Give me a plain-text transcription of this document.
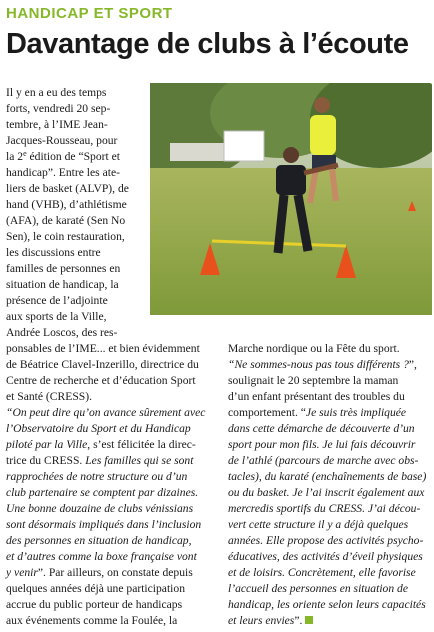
HANDICAP ET SPORT
Davantage de clubs à l’écoute
Il y en a eu des temps
forts, vendredi 20 sep-
tembre, à l’IME Jean-
Jacques-Rousseau, pour
la 2e édition de “Sport et
handicap”. Entre les ate-
liers de basket (ALVP), de
hand (VHB), d’athlétisme
(AFA), de karaté (Sen No
Sen), le coin restauration,
les discussions entre
familles de personnes en
situation de handicap, la
présence de l’adjointe
aux sports de la Ville,
Andrée Loscos, des res-
ponsables de l’IME... et bien évidemment
de Béatrice Clavel-Inzerillo, directrice du
Centre de recherche et d’éducation Sport
et Santé (CRESS).
“On peut dire qu’on avance sûrement avec
l’Observatoire du Sport et du Handicap
piloté par la Ville, s’est félicitée la direc-
trice du CRESS. Les familles qui se sont
rapprochées de notre structure ou d’un
club partenaire se comptent par dizaines.
Une bonne douzaine de clubs vénissians
sont désormais impliqués dans l’inclusion
des personnes en situation de handicap,
et d’autres comme la boxe française vont
y venir”. Par ailleurs, on constate depuis
quelques années déjà une participation
accrue du public porteur de handicaps
aux événements comme la Foulée, la
Marche nordique ou la Fête du sport.
“Ne sommes-nous pas tous différents ?”,
soulignait le 20 septembre la maman
d’un enfant présentant des troubles du
comportement. “Je suis très impliquée
dans cette démarche de découverte d’un
sport pour mon fils. Je lui fais découvrir
de l’athlé (parcours de marche avec obs-
tacles), du karaté (enchaînements de base)
ou du basket. Je l’ai inscrit également aux
mercredis sportifs du CRESS. J’ai décou-
vert cette structure il y a déjà quelques
années. Elle propose des activités psycho-
éducatives, des activités d’éveil physiques
et de loisirs. Concrètement, elle favorise
l’accueil des personnes en situation de
handicap, les oriente selon leurs capacités
et leurs envies”.
